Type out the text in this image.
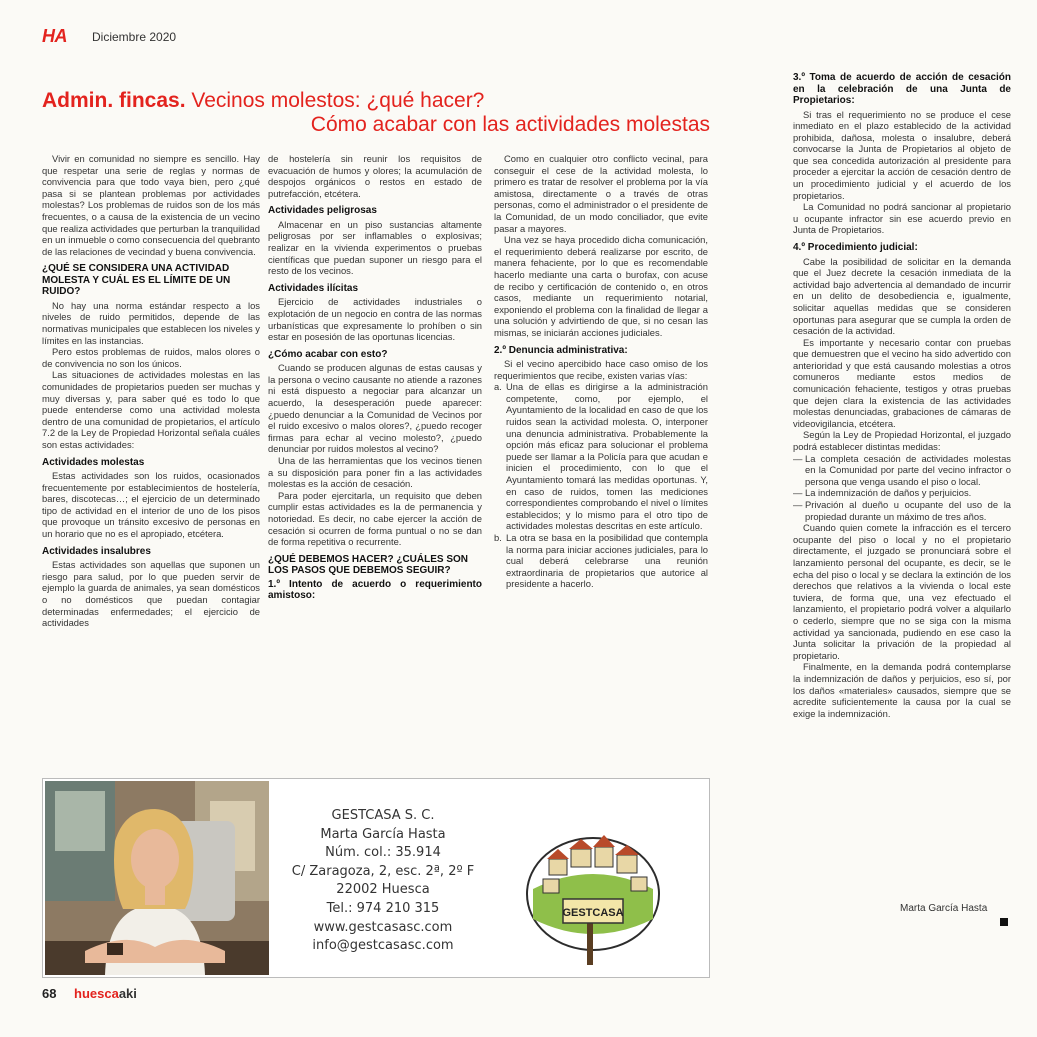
HA Diciembre 2020
Admin. fincas. Vecinos molestos: ¿qué hacer?
Cómo acabar con las actividades molestas

Vivir en comunidad no siempre es sencillo. Hay que respetar una serie de reglas y normas de convivencia para que todo vaya bien, pero ¿qué pasa si se plantean problemas por actividades molestas? Los problemas de ruidos son de los más frecuentes, o a causa de la existencia de un vecino que realiza actividades que perturban la tranquilidad en un inmueble o como consecuencia del quebranto de las relaciones de vecindad y buena convivencia.

¿QUÉ SE CONSIDERA UNA ACTIVIDAD MOLESTA Y CUÁL ES EL LÍMITE DE UN RUIDO?

No hay una norma estándar respecto a los niveles de ruido permitidos, depende de las normativas municipales que establecen los niveles y límites en las instancias.

Pero estos problemas de ruidos, malos olores o de convivencia no son los únicos.

Las situaciones de actividades molestas en las comunidades de propietarios pueden ser muchas y muy diversas y, para saber qué es todo lo que puede entenderse como una actividad molesta dentro de una comunidad de propietarios, el artículo 7.2 de la Ley de Propiedad Horizontal señala cuáles son estas actividades:

Actividades molestas

Estas actividades son los ruidos, ocasionados frecuentemente por establecimientos de hostelería, bares, discotecas…; el ejercicio de un determinado tipo de actividad en el interior de uno de los pisos que provoque un tránsito excesivo de personas en un horario que no es el apropiado, etcétera.

Actividades insalubres

Estas actividades son aquellas que suponen un riesgo para salud, por lo que pueden servir de ejemplo la guarda de animales, ya sean domésticos o no domésticos que puedan contagiar determinadas enfermedades; el ejercicio de actividades

de hostelería sin reunir los requisitos de evacuación de humos y olores; la acumulación de despojos orgánicos o restos en estado de putrefacción, etcétera.

Actividades peligrosas

Almacenar en un piso sustancias altamente peligrosas por ser inflamables o explosivas; realizar en la vivienda experimentos o pruebas científicas que puedan suponer un riesgo para el resto de los vecinos.

Actividades ilícitas

Ejercicio de actividades industriales o explotación de un negocio en contra de las normas urbanísticas que expresamente lo prohíben o sin estar en posesión de las oportunas licencias.

¿Cómo acabar con esto?

Cuando se producen algunas de estas causas y la persona o vecino causante no atiende a razones ni está dispuesto a negociar para alcanzar un acuerdo, la desesperación puede aparecer: ¿puedo denunciar a la Comunidad de Vecinos por el ruido excesivo o malos olores?, ¿puedo recoger firmas para echar al vecino molesto?, ¿puedo denunciar por ruidos molestos al vecino?

Una de las herramientas que los vecinos tienen a su disposición para poner fin a las actividades molestas es la acción de cesación.

Para poder ejercitarla, un requisito que deben cumplir estas actividades es la de permanencia y notoriedad. Es decir, no cabe ejercer la acción de cesación si ocurren de forma puntual o no se dan de forma repetitiva o recurrente.

¿QUÉ DEBEMOS HACER? ¿CUÁLES SON LOS PASOS QUE DEBEMOS SEGUIR?
1.º Intento de acuerdo o requerimiento amistoso:

Como en cualquier otro conflicto vecinal, para conseguir el cese de la actividad molesta, lo primero es tratar de resolver el problema por la vía amistosa, directamente o a través de otras personas, como el administrador o el presidente de la Comunidad, de un modo conciliador, que evite pasar a mayores.

Una vez se haya procedido dicha comunicación, el requerimiento deberá realizarse por escrito, de manera fehaciente, por lo que es recomendable hacerlo mediante una carta o burofax, con acuse de recibo y certificación de contenido o, en otros casos, mediante un requerimiento notarial, exponiendo el problema con la finalidad de llegar a una solución y advirtiendo de que, si no cesan las mismas, se iniciarán acciones judiciales.

2.º Denuncia administrativa:

Si el vecino apercibido hace caso omiso de los requerimientos que recibe, existen varias vías:

a. Una de ellas es dirigirse a la administración competente, como, por ejemplo, el Ayuntamiento de la localidad en caso de que los ruidos sean la actividad molesta. O, interponer una denuncia administrativa. Probablemente la opción más eficaz para solucionar el problema puede ser llamar a la Policía para que acudan e inicien el procedimiento, con lo que el Ayuntamiento tomará las medidas oportunas. Y, en caso de ruidos, tomen las mediciones correspondientes comprobando el nivel o límites establecidos; y lo mismo para el otro tipo de actividades molestas descritas en este artículo.
b. La otra se basa en la posibilidad que contempla la norma para iniciar acciones judiciales, para lo cual deberá celebrarse una reunión extraordinaria de propietarios que autorice al presidente a hacerlo.
3.º Toma de acuerdo de acción de cesación en la celebración de una Junta de Propietarios:

Si tras el requerimiento no se produce el cese inmediato en el plazo establecido de la actividad prohibida, dañosa, molesta o insalubre, deberá convocarse la Junta de Propietarios al objeto de que sea concedida autorización al presidente para proceder a ejercitar la acción de cesación dentro de un procedimiento judicial y el acuerdo de los propietarios.

La Comunidad no podrá sancionar al propietario u ocupante infractor sin ese acuerdo previo en Junta de Propietarios.

4.º Procedimiento judicial:

Cabe la posibilidad de solicitar en la demanda que el Juez decrete la cesación inmediata de la actividad bajo advertencia al demandado de incurrir en un delito de desobediencia e, igualmente, solicitar aquellas medidas que se consideren oportunas para asegurar que se cumpla la orden de cesación de la actividad.

Es importante y necesario contar con pruebas que demuestren que el vecino ha sido advertido con anterioridad y que está causando molestias a otros comuneros mediante estos medios de comunicación fehaciente, testigos y otras pruebas que dejen clara la existencia de las actividades molestas denunciadas, grabaciones de cámaras de videovigilancia, etcétera.

Según la Ley de Propiedad Horizontal, el juzgado podrá establecer distintas medidas:

— La completa cesación de actividades molestas en la Comunidad por parte del vecino infractor o persona que venga usando el piso o local.
— La indemnización de daños y perjuicios.
— Privación al dueño u ocupante del uso de la propiedad durante un máximo de tres años.

Cuando quien comete la infracción es el tercero ocupante del piso o local y no el propietario directamente, el juzgado se pronunciará sobre el lanzamiento personal del ocupante, es decir, se le echa del piso o local y se declara la extinción de los derechos que relativos a la vivienda o local este tuviera, de forma que, una vez efectuado el lanzamiento, el propietario podrá volver a alquilarlo o cederlo, siempre que no se siga con la misma actividad ya sancionada, pudiendo en ese caso la Junta solicitar la privación de la propiedad al propietario.

Finalmente, en la demanda podrá contemplarse la indemnización de daños y perjuicios, eso sí, por los daños «materiales» causados, siempre que se acredite suficientemente la causa por la cual se exige la indemnización.

Marta García Hasta
GESTCASA S. C.
Marta García Hasta
Núm. col.: 35.914
C/ Zaragoza, 2, esc. 2ª, 2º F
22002 Huesca
Tel.: 974 210 315
www.gestcasasc.com
info@gestcasasc.com
GESTCASA
68 huescaaki
